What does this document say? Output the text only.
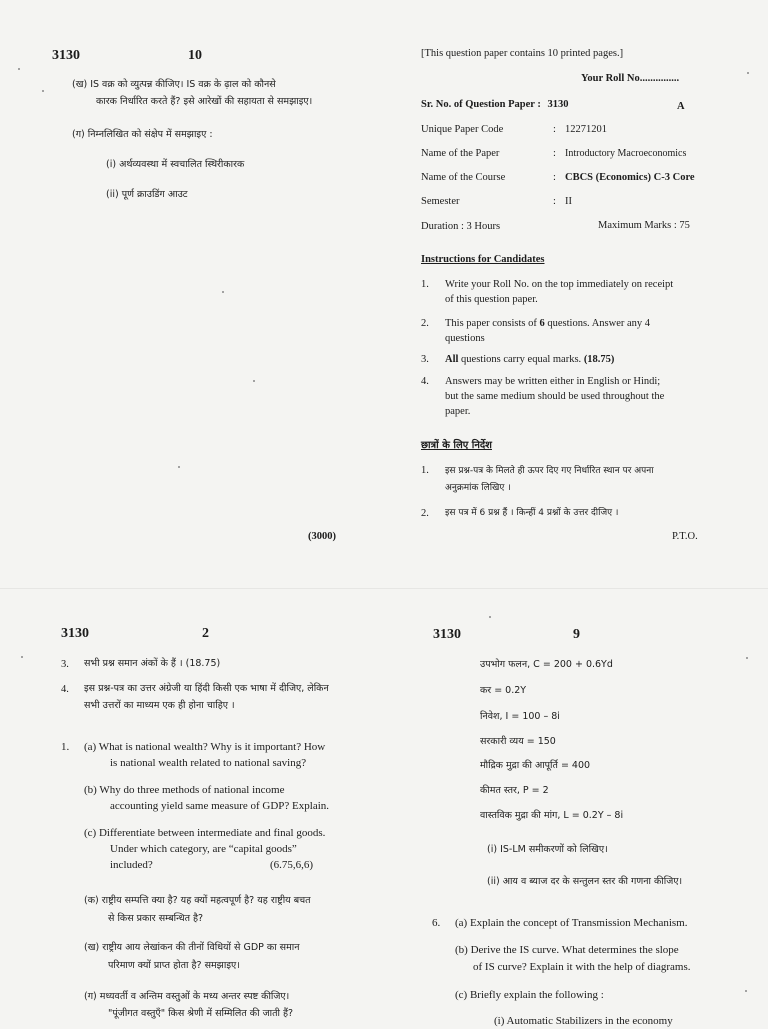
3130	10
(ख) IS वक्र को व्युत्पन्न कीजिए। IS वक्र के ढ़ाल को कौनसे
कारक निर्धारित करते हैं? इसे आरेखों की सहायता से समझाइए।
(ग) निम्नलिखित को संक्षेप में समझाइए :
(i) अर्थव्यवस्था में स्वचालित स्थिरीकारक
(ii) पूर्ण क्राउडिंग आउट
(3000)
[This question paper contains 10 printed pages.]
Your Roll No...............
Sr. No. of Question Paper : 3130	A
Unique Paper Code	: 12271201
Name of the Paper	: Introductory Macroeconomics
Name of the Course	: CBCS (Economics) C-3 Core
Semester	: II
Duration : 3 Hours	Maximum Marks : 75
Instructions for Candidates
1. Write your Roll No. on the top immediately on receipt
of this question paper.
2. This paper consists of 6 questions. Answer any 4
questions
3. All questions carry equal marks. (18.75)
4. Answers may be written either in English or Hindi;
but the same medium should be used throughout the
paper.
छात्रों के लिए निर्देश
1. इस प्रश्न-पत्र के मिलते ही ऊपर दिए गए निर्धारित स्थान पर अपना
अनुक्रमांक लिखिए ।
2. इस पत्र में 6 प्रश्न हैं । किन्हीं 4 प्रश्नों के उत्तर दीजिए ।
P.T.O.
3130	2
3. सभी प्रश्न समान अंकों के हैं । (18.75)
4. इस प्रश्न-पत्र का उत्तर अंग्रेजी या हिंदी किसी एक भाषा में दीजिए, लेकिन
सभी उत्तरों का माध्यम एक ही होना चाहिए ।
1. (a) What is national wealth? Why is it important? How
is national wealth related to national saving?
(b) Why do three methods of national income
accounting yield same measure of GDP? Explain.
(c) Differentiate between intermediate and final goods.
Under which category, are “capital goods”
included?	(6.75,6,6)
(क) राष्ट्रीय सम्पत्ति क्या है? यह क्यों महत्वपूर्ण है? यह राष्ट्रीय बचत
से किस प्रकार सम्बन्धित है?
(ख) राष्ट्रीय आय लेखांकन की तीनों विधियों से GDP का समान
परिमाण क्यों प्राप्त होता है? समझाइए।
(ग) मध्यवर्ती व अन्तिम वस्तुओं के मध्य अन्तर स्पष्ट कीजिए।
"पूंजीगत वस्तुएँ" किस श्रेणी में सम्मिलित की जाती हैं?
3130	9
उपभोग फलन, C = 200 + 0.6Yd
कर = 0.2Y
निवेश, I = 100 – 8i
सरकारी व्यय = 150
मौद्रिक मुद्रा की आपूर्ति = 400
कीमत स्तर, P = 2
वास्तविक मुद्रा की मांग, L = 0.2Y – 8i
(i) IS-LM समीकरणों को लिखिए।
(ii) आय व ब्याज दर के सन्तुलन स्तर की गणना कीजिए।
6. (a) Explain the concept of Transmission Mechanism.
(b) Derive the IS curve. What determines the slope
of IS curve? Explain it with the help of diagrams.
(c) Briefly explain the following :
(i) Automatic Stabilizers in the economy
